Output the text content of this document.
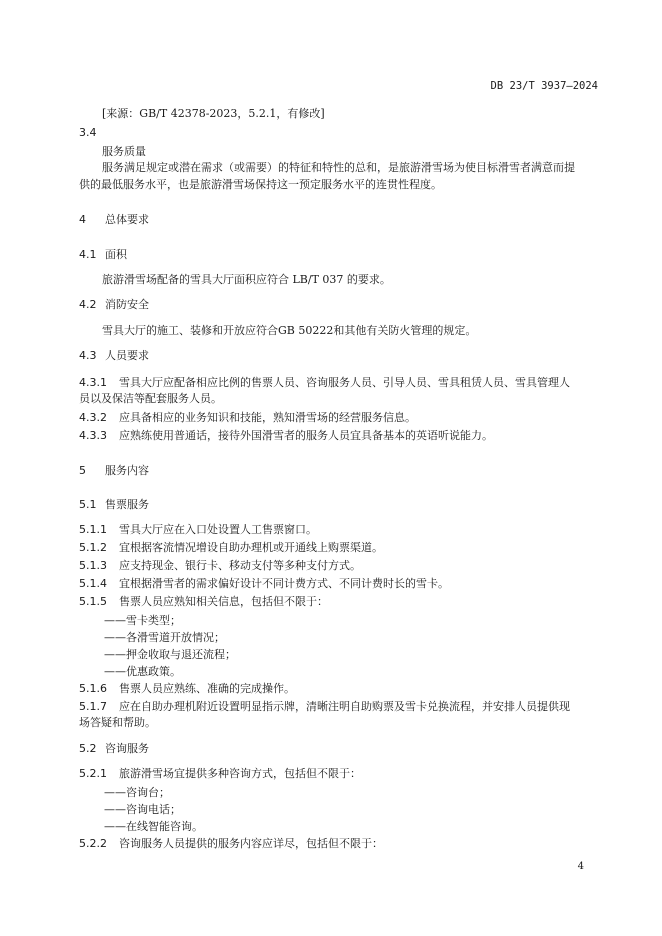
DB 23/T 3937—2024
[来源：GB/T 42378-2023，5.2.1，有修改]
3.4
服务质量
服务满足规定或潜在需求（或需要）的特征和特性的总和，是旅游滑雪场为使目标滑雪者满意而提
供的最低服务水平，也是旅游滑雪场保持这一预定服务水平的连贯性程度。
4 总体要求
4.1 面积
旅游滑雪场配备的雪具大厅面积应符合 LB/T 037 的要求。
4.2 消防安全
雪具大厅的施工、装修和开放应符合GB 50222和其他有关防火管理的规定。
4.3 人员要求
4.3.1 雪具大厅应配备相应比例的售票人员、咨询服务人员、引导人员、雪具租赁人员、雪具管理人
员以及保洁等配套服务人员。
4.3.2 应具备相应的业务知识和技能，熟知滑雪场的经营服务信息。
4.3.3 应熟练使用普通话，接待外国滑雪者的服务人员宜具备基本的英语听说能力。
5 服务内容
5.1 售票服务
5.1.1 雪具大厅应在入口处设置人工售票窗口。
5.1.2 宜根据客流情况增设自助办理机或开通线上购票渠道。
5.1.3 应支持现金、银行卡、移动支付等多种支付方式。
5.1.4 宜根据滑雪者的需求偏好设计不同计费方式、不同计费时长的雪卡。
5.1.5 售票人员应熟知相关信息，包括但不限于：
——雪卡类型；
——各滑雪道开放情况；
——押金收取与退还流程；
——优惠政策。
5.1.6 售票人员应熟练、准确的完成操作。
5.1.7 应在自助办理机附近设置明显指示牌，清晰注明自助购票及雪卡兑换流程，并安排人员提供现
场答疑和帮助。
5.2 咨询服务
5.2.1 旅游滑雪场宜提供多种咨询方式，包括但不限于：
——咨询台；
——咨询电话；
——在线智能咨询。
5.2.2 咨询服务人员提供的服务内容应详尽，包括但不限于：
4
